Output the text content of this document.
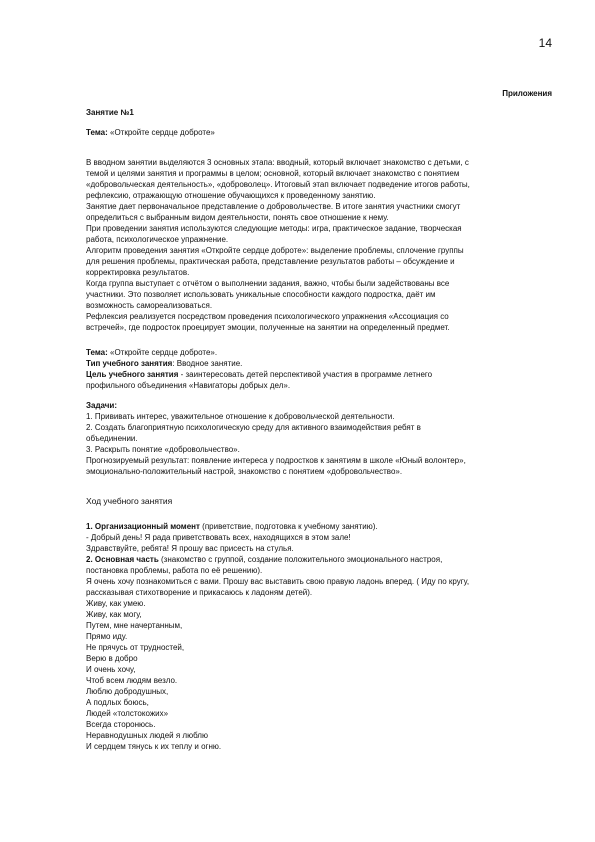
14
Приложения
Занятие №1
Тема: «Откройте сердце доброте»
В вводном занятии выделяются 3 основных этапа: вводный, который включает знакомство с детьми, с
темой и целями занятия и программы в целом; основной, который включает знакомство с понятием
«добровольческая деятельность», «доброволец». Итоговый этап включает подведение итогов работы,
рефлексию, отражающую отношение обучающихся к проведенному занятию.
Занятие дает первоначальное представление о добровольчестве. В итоге занятия участники смогут
определиться с выбранным видом деятельности, понять свое отношение к нему.
При проведении занятия используются следующие методы: игра, практическое задание, творческая
работа, психологическое упражнение.
Алгоритм проведения занятия «Откройте сердце доброте»: выделение проблемы, сплочение группы
для решения проблемы, практическая работа, представление результатов работы – обсуждение и
корректировка результатов.
Когда группа выступает с отчётом о выполнении задания, важно, чтобы были задействованы все
участники. Это позволяет использовать уникальные способности каждого подростка, даёт им
возможность самореализоваться.
Рефлексия реализуется посредством проведения психологического упражнения «Ассоциация со
встречей», где подросток проецирует эмоции, полученные на занятии на определенный предмет.
Тема: «Откройте сердце доброте».
Тип учебного занятия: Вводное занятие.
Цель учебного занятия - заинтересовать детей перспективой участия в программе летнего
профильного объединения «Навигаторы добрых дел».
Задачи:
1. Прививать интерес, уважительное отношение к добровольческой деятельности.
2. Создать благоприятную психологическую среду для активного взаимодействия ребят в
объединении.
3. Раскрыть понятие «добровольчество».
Прогнозируемый результат: появление интереса у подростков к занятиям в школе «Юный волонтер»,
эмоционально-положительный настрой, знакомство с понятием «добровольчество».
Ход учебного занятия
1. Организационный момент (приветствие, подготовка к учебному занятию).
- Добрый день! Я рада приветствовать всех, находящихся в этом зале!
Здравствуйте, ребята! Я прошу вас присесть на стулья.
2. Основная часть (знакомство с группой, создание положительного эмоционального настроя,
постановка проблемы, работа по её решению).
Я очень хочу познакомиться с вами. Прошу вас выставить свою правую ладонь вперед. ( Иду по кругу,
рассказывая стихотворение и прикасаюсь к ладоням детей).
Живу, как умею.
Живу, как могу,
Путем, мне начертанным,
Прямо иду.
Не прячусь от трудностей,
Верю в добро
И очень хочу,
Чтоб всем людям везло.
Люблю добродушных,
А подлых боюсь,
Людей «толстокожих»
Всегда сторонюсь.
Неравнодушных людей я люблю
И сердцем тянусь к их теплу и огню.
